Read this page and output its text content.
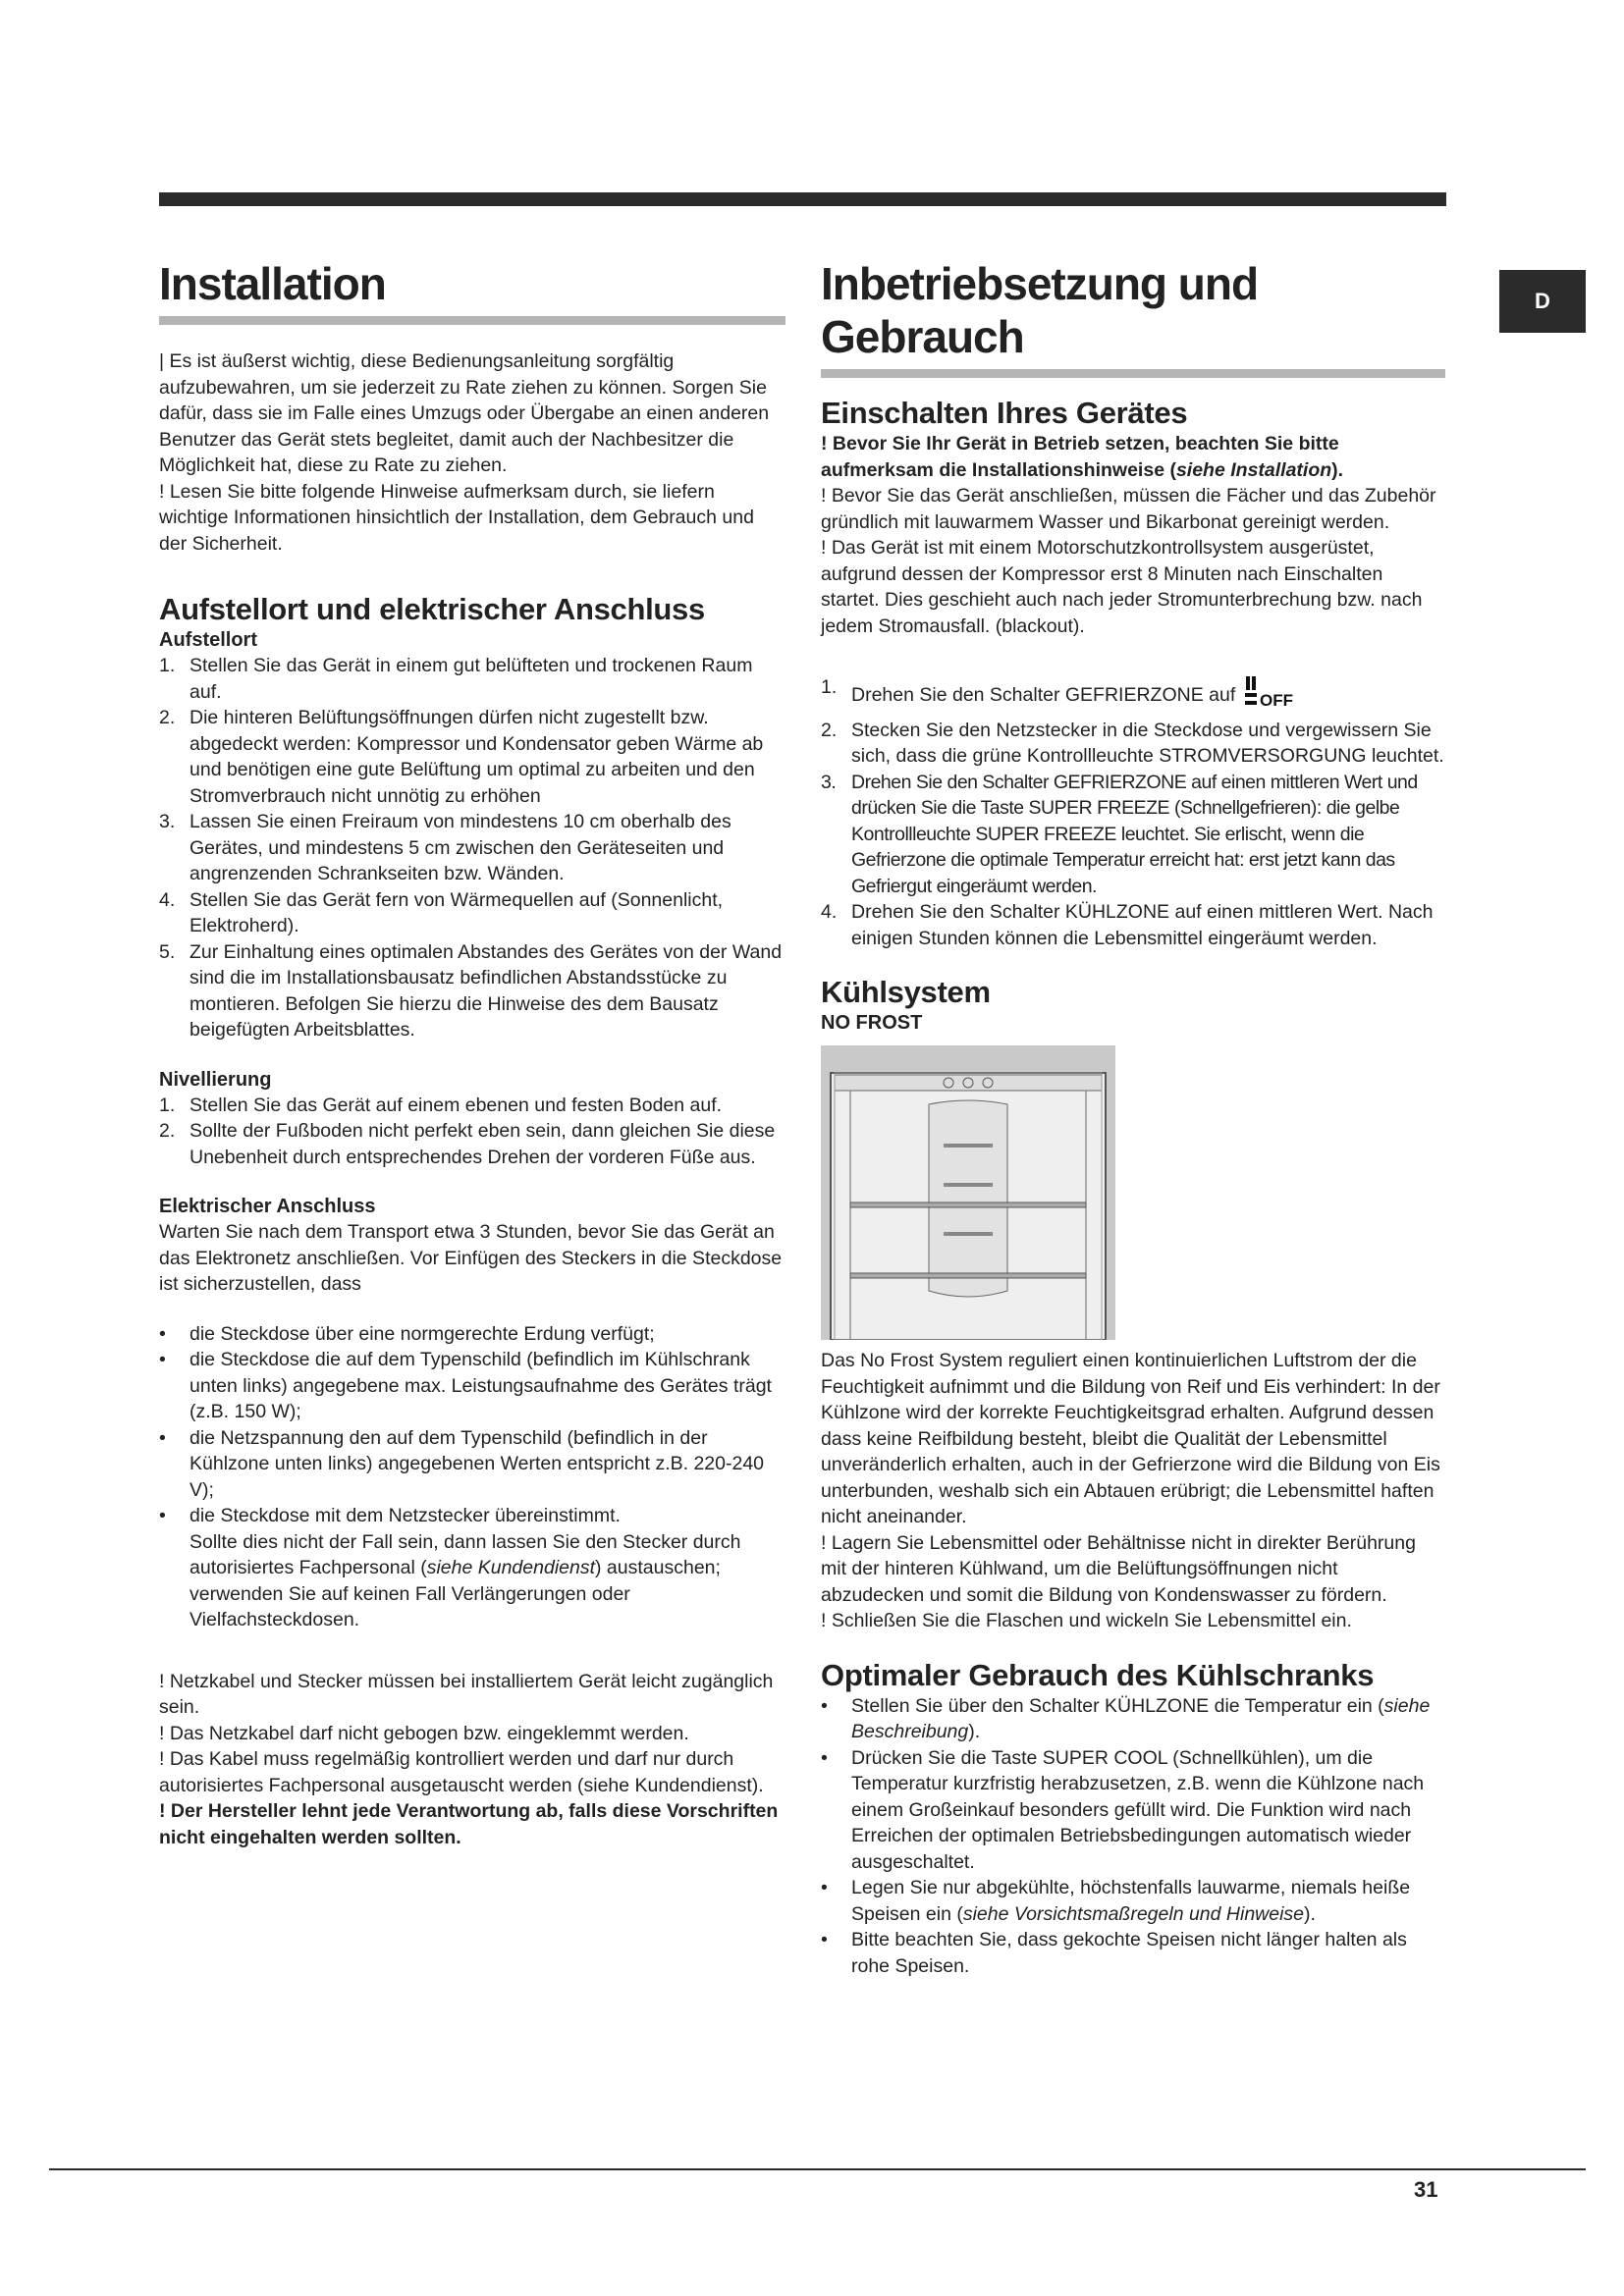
D
Installation

| Es ist äußerst wichtig, diese Bedienungsanleitung sorgfältig aufzubewahren, um sie jederzeit zu Rate ziehen zu können. Sorgen Sie dafür, dass sie im Falle eines Umzugs oder Übergabe an einen anderen Benutzer das Gerät stets begleitet, damit auch der Nachbesitzer die Möglichkeit hat, diese zu Rate zu ziehen.

! Lesen Sie bitte folgende Hinweise aufmerksam durch, sie liefern wichtige Informationen hinsichtlich der Installation, dem Gebrauch und der Sicherheit.

Aufstellort und elektrischer Anschluss
Aufstellort
1. Stellen Sie das Gerät in einem gut belüfteten und trockenen Raum auf.
2. Die hinteren Belüftungsöffnungen dürfen nicht zugestellt bzw. abgedeckt werden: Kompressor und Kondensator geben Wärme ab und benötigen eine gute Belüftung um optimal zu arbeiten und den Stromverbrauch nicht unnötig zu erhöhen
3. Lassen Sie einen Freiraum von mindestens 10 cm oberhalb des Gerätes, und mindestens 5 cm zwischen den Geräteseiten und angrenzenden Schrankseiten bzw. Wänden.
4. Stellen Sie das Gerät fern von Wärmequellen auf (Sonnenlicht, Elektroherd).
5. Zur Einhaltung eines optimalen Abstandes des Gerätes von der Wand sind die im Installationsbausatz befindlichen Abstandsstücke zu montieren. Befolgen Sie hierzu die Hinweise des dem Bausatz beigefügten Arbeitsblattes.
Nivellierung
1. Stellen Sie das Gerät auf einem ebenen und festen Boden auf.
2. Sollte der Fußboden nicht perfekt eben sein, dann gleichen Sie diese Unebenheit durch entsprechendes Drehen der vorderen Füße aus.
Elektrischer Anschluss

Warten Sie nach dem Transport etwa 3 Stunden, bevor Sie das Gerät an das Elektronetz anschließen. Vor Einfügen des Steckers in die Steckdose ist sicherzustellen, dass

• die Steckdose über eine normgerechte Erdung verfügt;
• die Steckdose die auf dem Typenschild (befindlich im Kühlschrank unten links) angegebene max. Leistungsaufnahme des Gerätes trägt (z.B. 150 W);
• die Netzspannung den auf dem Typenschild (befindlich in der Kühlzone unten links) angegebenen Werten entspricht z.B. 220-240 V);
• die Steckdose mit dem Netzstecker übereinstimmt.
Sollte dies nicht der Fall sein, dann lassen Sie den Stecker durch autorisiertes Fachpersonal (siehe Kundendienst) austauschen; verwenden Sie auf keinen Fall Verlängerungen oder Vielfachsteckdosen.

! Netzkabel und Stecker müssen bei installiertem Gerät leicht zugänglich sein.

! Das Netzkabel darf nicht gebogen bzw. eingeklemmt werden.

! Das Kabel muss regelmäßig kontrolliert werden und darf nur durch autorisiertes Fachpersonal ausgetauscht werden (siehe Kundendienst).

! Der Hersteller lehnt jede Verantwortung ab, falls diese Vorschriften nicht eingehalten werden sollten.

Inbetriebsetzung und
Gebrauch
Einschalten Ihres Gerätes

! Bevor Sie Ihr Gerät in Betrieb setzen, beachten Sie bitte aufmerksam die Installationshinweise (siehe Installation).

! Bevor Sie das Gerät anschließen, müssen die Fächer und das Zubehör gründlich mit lauwarmem Wasser und Bikarbonat gereinigt werden.

! Das Gerät ist mit einem Motorschutzkontrollsystem ausgerüstet, aufgrund dessen der Kompressor erst 8 Minuten nach Einschalten startet. Dies geschieht auch nach jeder Stromunterbrechung bzw. nach jedem Stromausfall. (blackout).

1. Drehen Sie den Schalter GEFRIERZONE auf OFF
2. Stecken Sie den Netzstecker in die Steckdose und vergewissern Sie sich, dass die grüne Kontrollleuchte STROMVERSORGUNG leuchtet.
3. Drehen Sie den Schalter GEFRIERZONE auf einen mittleren Wert und drücken Sie die Taste SUPER FREEZE (Schnellgefrieren): die gelbe Kontrollleuchte SUPER FREEZE leuchtet. Sie erlischt, wenn die Gefrierzone die optimale Temperatur erreicht hat: erst jetzt kann das Gefriergut eingeräumt werden.
4. Drehen Sie den Schalter KÜHLZONE auf einen mittleren Wert. Nach einigen Stunden können die Lebensmittel eingeräumt werden.
Kühlsystem
NO FROST

Das No Frost System reguliert einen kontinuierlichen Luftstrom der die Feuchtigkeit aufnimmt und die Bildung von Reif und Eis verhindert: In der Kühlzone wird der korrekte Feuchtigkeitsgrad erhalten. Aufgrund dessen dass keine Reifbildung besteht, bleibt die Qualität der Lebensmittel unveränderlich erhalten, auch in der Gefrierzone wird die Bildung von Eis unterbunden, weshalb sich ein Abtauen erübrigt; die Lebensmittel haften nicht aneinander.

! Lagern Sie Lebensmittel oder Behältnisse nicht in direkter Berührung mit der hinteren Kühlwand, um die Belüftungsöffnungen nicht abzudecken und somit die Bildung von Kondenswasser zu fördern.

! Schließen Sie die Flaschen und wickeln Sie Lebensmittel ein.

Optimaler Gebrauch des Kühlschranks
• Stellen Sie über den Schalter KÜHLZONE die Temperatur ein (siehe Beschreibung).
• Drücken Sie die Taste SUPER COOL (Schnellkühlen), um die Temperatur kurzfristig herabzusetzen, z.B. wenn die Kühlzone nach einem Großeinkauf besonders gefüllt wird. Die Funktion wird nach Erreichen der optimalen Betriebsbedingungen automatisch wieder ausgeschaltet.
• Legen Sie nur abgekühlte, höchstenfalls lauwarme, niemals heiße Speisen ein (siehe Vorsichtsmaßregeln und Hinweise).
• Bitte beachten Sie, dass gekochte Speisen nicht länger halten als rohe Speisen.
31
